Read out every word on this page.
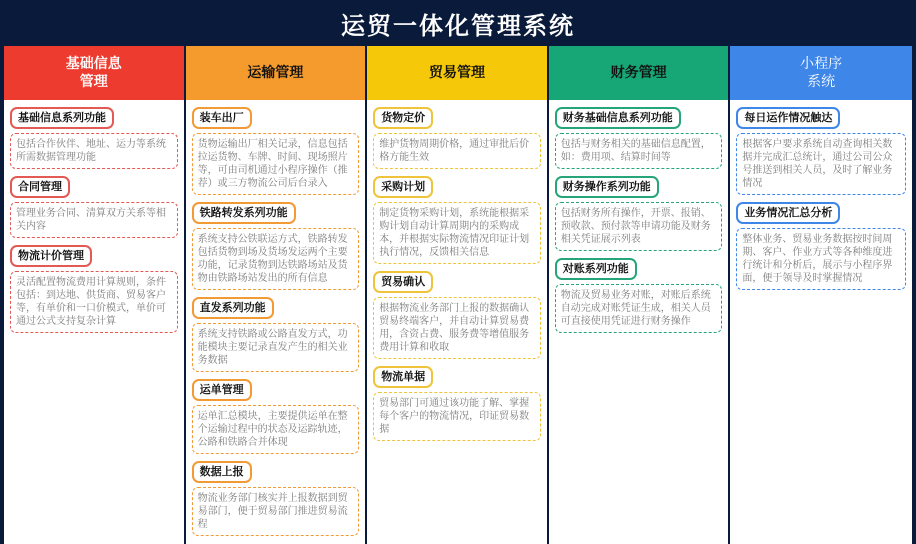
运贸一体化管理系统
基础信息
管理
基础信息系列功能
包括合作伙伴、地址、运力等系统所需数据管理功能
合同管理
管理业务合同、清算双方关系等相关内容
物流计价管理
灵活配置物流费用计算规则，条件包括：到达地、供货商、贸易客户等，有单价和一口价模式，单价可通过公式支持复杂计算
运输管理
装车出厂
货物运输出厂相关记录，信息包括拉运货物、车牌、时间、现场照片等，可由司机通过小程序操作（推荐）或三方物流公司后台录入
铁路转发系列功能
系统支持公铁联运方式，铁路转发包括货物到场及货场发运两个主要功能，记录货物到达铁路场站及货物由铁路场站发出的所有信息
直发系列功能
系统支持铁路或公路直发方式，功能模块主要记录直发产生的相关业务数据
运单管理
运单汇总模块，主要提供运单在整个运输过程中的状态及运踪轨迹，公路和铁路合并体现
数据上报
物流业务部门核实并上报数据到贸易部门，便于贸易部门推进贸易流程
贸易管理
货物定价
维护货物周期价格，通过审批后价格方能生效
采购计划
制定货物采购计划，系统能根据采购计划自动计算周期内的采购成本，并根据实际物流情况印证计划执行情况，反馈相关信息
贸易确认
根据物流业务部门上报的数据确认贸易终端客户，并自动计算贸易费用，含资占费、服务费等增值服务费用计算和收取
物流单据
贸易部门可通过该功能了解、掌握每个客户的物流情况，印证贸易数据
财务管理
财务基础信息系列功能
包括与财务相关的基础信息配置，如：费用项、结算时间等
财务操作系列功能
包括财务所有操作，开票、报销、预收款、预付款等申请功能及财务相关凭证展示列表
对账系列功能
物流及贸易业务对账，对账后系统自动完成对账凭证生成，相关人员可直接使用凭证进行财务操作
小程序
系统
每日运作情况触达
根据客户要求系统自动查询相关数据并完成汇总统计，通过公司公众号推送到相关人员，及时了解业务情况
业务情况汇总分析
整体业务、贸易业务数据按时间周期、客户、作业方式等各种维度进行统计和分析后，展示与小程序界面，便于领导及时掌握情况
